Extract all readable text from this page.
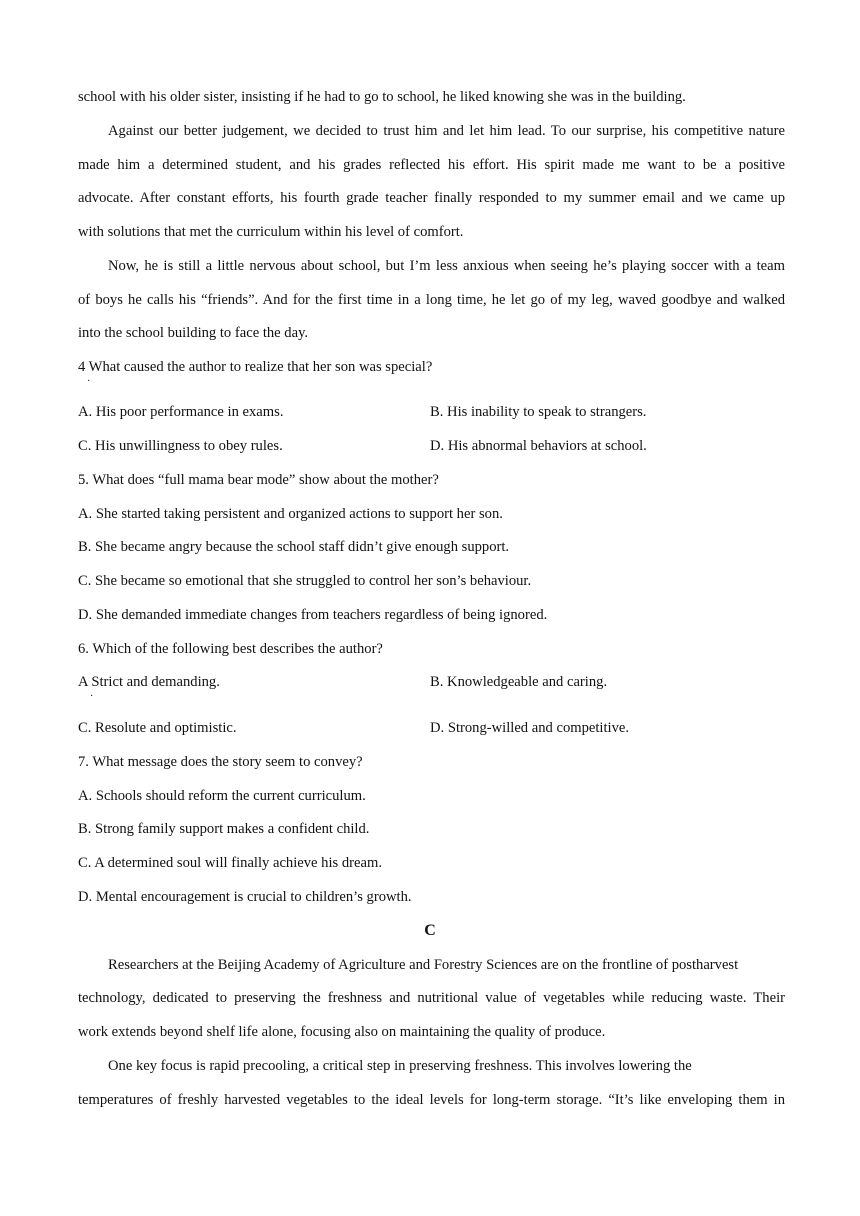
school with his older sister, insisting if he had to go to school, he liked knowing she was in the building.
Against our better judgement, we decided to trust him and let him lead. To our surprise, his competitive nature
made him a determined student, and his grades reflected his effort. His spirit made me want to be a positive
advocate. After constant efforts, his fourth grade teacher finally responded to my summer email and we came up
with solutions that met the curriculum within his level of comfort.
Now, he is still a little nervous about school, but I’m less anxious when seeing he’s playing soccer with a team
of boys he calls his “friends”. And for the first time in a long time, he let go of my leg, waved goodbye and walked
into the school building to face the day.
4 What caused the author to realize that her son was special?
·
A. His poor performance in exams.	B. His inability to speak to strangers.
C. His unwillingness to obey rules.	D. His abnormal behaviors at school.
5. What does “full mama bear mode” show about the mother?
A. She started taking persistent and organized actions to support her son.
B. She became angry because the school staff didn’t give enough support.
C. She became so emotional that she struggled to control her son’s behaviour.
D. She demanded immediate changes from teachers regardless of being ignored.
6. Which of the following best describes the author?
A Strict and demanding.	B. Knowledgeable and caring.
·
C. Resolute and optimistic.	D. Strong-willed and competitive.
7. What message does the story seem to convey?
A. Schools should reform the current curriculum.
B. Strong family support makes a confident child.
C. A determined soul will finally achieve his dream.
D. Mental encouragement is crucial to children’s growth.
C
Researchers at the Beijing Academy of Agriculture and Forestry Sciences are on the frontline of postharvest
technology, dedicated to preserving the freshness and nutritional value of vegetables while reducing waste. Their
work extends beyond shelf life alone, focusing also on maintaining the quality of produce.
One key focus is rapid precooling, a critical step in preserving freshness. This involves lowering the
temperatures of freshly harvested vegetables to the ideal levels for long-term storage. “It’s like enveloping them in
